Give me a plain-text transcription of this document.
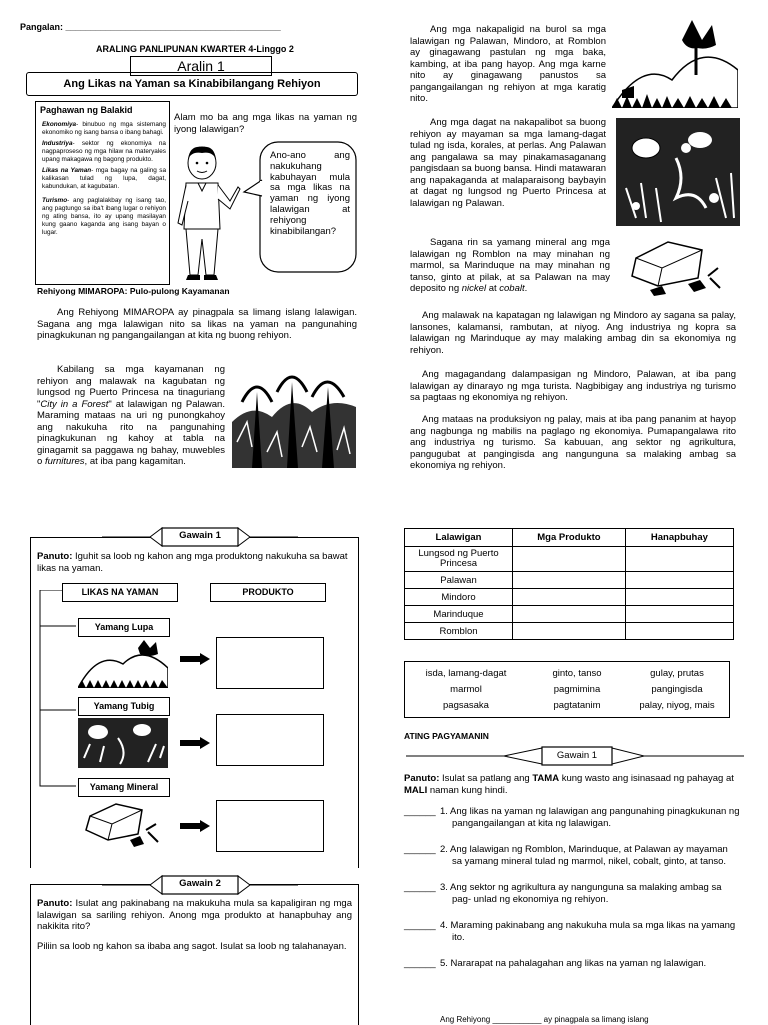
Pangalan: ___________________________________________
ARALING PANLIPUNAN KWARTER 4-Linggo 2
Aralin 1
Ang Likas na Yaman sa Kinabibilangang Rehiyon
Paghawan ng Balakid

Ekonomiya- binubuo ng mga sistemang ekonomiko ng isang bansa o ibang bahagi.

Industriya- sektor ng ekonomiya na nagpaproseso ng mga hilaw na materyales upang makagawa ng bagong produkto.

Likas na Yaman- mga bagay na galing sa kalikasan tulad ng lupa, dagat, kabundukan, at kagubatan.

Turismo- ang paglalakbay ng isang tao, ang pagtungo sa iba't ibang lugar o rehiyon ng ating bansa, ito ay upang masilayan kung gaano kaganda ang isang bayan o lugar.

Alam mo ba ang mga likas na yaman ng iyong lalawigan?
Ano-ano ang nakukuhang kabuhayan mula sa mga likas na yaman ng iyong lalawigan at rehiyong kinabibilangan?
Rehiyong MIMAROPA: Pulo-pulong Kayamanan
Ang Rehiyong MIMAROPA ay pinagpala sa limang islang lalawigan. Sagana ang mga lalawigan nito sa likas na yaman na pangunahing pinagkukunan ng pangangailangan at kita ng buong rehiyon.
Kabilang sa mga kayamanan ng rehiyon ang malawak na kagubatan ng lungsod ng Puerto Princesa na tinaguriang "City in a Forest" at lalawigan ng Palawan. Maraming mataas na uri ng punongkahoy ang nakukuha rito na pangunahing pinagkukunan ng kahoy at tabla na ginagamit sa paggawa ng bahay, muwebles o furnitures, at iba pang kagamitan.
Ang mga nakapaligid na burol sa mga lalawigan ng Palawan, Mindoro, at Romblon ay ginagawang pastulan ng mga baka, kambing, at iba pang hayop. Ang mga karne nito ay ginagawang panustos sa pangangailangan ng rehiyon at mga karatig nito.
Ang mga dagat na nakapalibot sa buong rehiyon ay mayaman sa mga lamang-dagat tulad ng isda, korales, at perlas. Ang Palawan ang pangalawa sa may pinakamasaganang pangisdaan sa buong bansa. Hindi matawaran ang napakaganda at malaparaisong baybayin at dagat ng lungsod ng Puerto Princesa at lalawigan ng Palawan.
Sagana rin sa yamang mineral ang mga lalawigan ng Romblon na may minahan ng marmol, sa Marinduque na may minahan ng tanso, ginto at pilak, at sa Palawan na may deposito ng nickel at cobalt.
Ang malawak na kapatagan ng lalawigan ng Mindoro ay sagana sa palay, lansones, kalamansi, rambutan, at niyog. Ang industriya ng kopra sa lalawigan ng Marinduque ay may malaking ambag din sa ekonomiya ng rehiyon.
Ang magagandang dalampasigan ng Mindoro, Palawan, at iba pang lalawigan ay dinarayo ng mga turista. Nagbibigay ang industriya ng turismo sa pagtaas ng ekonomiya ng rehiyon.
Ang mataas na produksiyon ng palay, mais at iba pang pananim at hayop ang nagbunga ng mabilis na paglago ng ekonomiya. Pumapangalawa rito ang industriya ng turismo. Sa kabuuan, ang sektor ng agrikultura, pangugubat at pangingisda ang nangunguna sa malaking ambag sa ekonomiya ng rehiyon.
Gawain 1
Panuto: Iguhit sa loob ng kahon ang mga produktong nakukuha sa bawat likas na yaman.
LIKAS NA YAMAN	PRODUKTO
Yamang Lupa
Yamang Tubig
Yamang Mineral
Gawain 2
Panuto: Isulat ang pakinabang na makukuha mula sa kapaligiran ng mga lalawigan sa sariling rehiyon. Anong mga produkto at hanapbuhay ang nakikita rito?
Piliin sa loob ng kahon sa ibaba ang sagot. Isulat sa loob ng talahanayan.
Lalawigan	Mga Produkto	Hanapbuhay
Lungsod ng Puerto Princesa		
Palawan		
Mindoro		
Marinduque		
Romblon		
isda, lamang-dagat	ginto, tanso	gulay, prutas
marmol	pagmimina	pangingisda
pagsasaka	pagtatanim	palay, niyog, mais
ATING PAGYAMANIN
Gawain 1
Panuto: Isulat sa patlang ang TAMA kung wasto ang isinasaad ng pahayag at MALI naman kung hindi.
______ 1. Ang likas na yaman ng lalawigan ang pangunahing pinagkukunan ng pangangailangan at kita ng lalawigan.
______ 2. Ang lalawigan ng Romblon, Marinduque, at Palawan ay mayaman sa yamang mineral tulad ng marmol, nikel, cobalt, ginto, at tanso.
______ 3. Ang sektor ng agrikultura ay nangunguna sa malaking ambag sa pag- unlad ng ekonomiya ng rehiyon.
______ 4. Maraming pakinabang ang nakukuha mula sa mga likas na yamang ito.
______ 5. Nararapat na pahalagahan ang likas na yaman ng lalawigan.
Ang Rehiyong ___________ ay pinagpala sa limang islang
